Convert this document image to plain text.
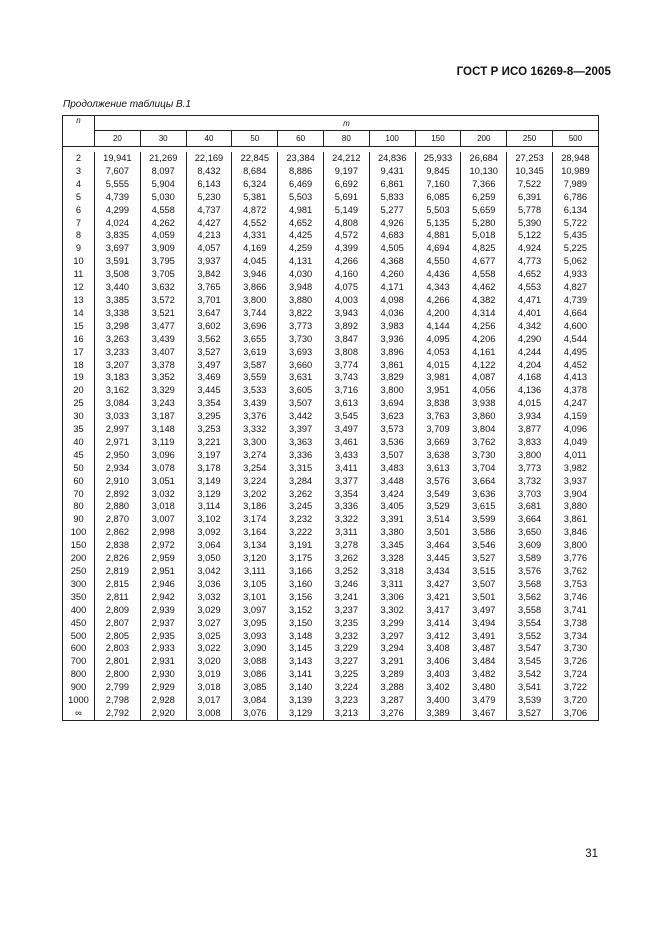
ГОСТ Р ИСО 16269-8—2005
Продолжение таблицы В.1
n	m										
	20	30	40	50	60	80	100	150	200	250	500

2	19,941	21,269	22,169	22,845	23,384	24,212	24,836	25,933	26,684	27,253	28,948
3	7,607	8,097	8,432	8,684	8,886	9,197	9,431	9,845	10,130	10,345	10,989
4	5,555	5,904	6,143	6,324	6,469	6,692	6,861	7,160	7,366	7,522	7,989
5	4,739	5,030	5,230	5,381	5,503	5,691	5,833	6,085	6,259	6,391	6,786
6	4,299	4,558	4,737	4,872	4,981	5,149	5,277	5,503	5,659	5,778	6,134
7	4,024	4,262	4,427	4,552	4,652	4,808	4,926	5,135	5,280	5,390	5,722
8	3,835	4,059	4,213	4,331	4,425	4,572	4,683	4,881	5,018	5,122	5,435
9	3,697	3,909	4,057	4,169	4,259	4,399	4,505	4,694	4,825	4,924	5,225
10	3,591	3,795	3,937	4,045	4,131	4,266	4,368	4,550	4,677	4,773	5,062
11	3,508	3,705	3,842	3,946	4,030	4,160	4,260	4,436	4,558	4,652	4,933
12	3,440	3,632	3,765	3,866	3,948	4,075	4,171	4,343	4,462	4,553	4,827
13	3,385	3,572	3,701	3,800	3,880	4,003	4,098	4,266	4,382	4,471	4,739
14	3,338	3,521	3,647	3,744	3,822	3,943	4,036	4,200	4,314	4,401	4,664
15	3,298	3,477	3,602	3,696	3,773	3,892	3,983	4,144	4,256	4,342	4,600
16	3,263	3,439	3,562	3,655	3,730	3,847	3,936	4,095	4,206	4,290	4,544
17	3,233	3,407	3,527	3,619	3,693	3,808	3,896	4,053	4,161	4,244	4,495
18	3,207	3,378	3,497	3,587	3,660	3,774	3,861	4,015	4,122	4,204	4,452
19	3,183	3,352	3,469	3,559	3,631	3,743	3,829	3,981	4,087	4,168	4,413
20	3,162	3,329	3,445	3,533	3,605	3,716	3,800	3,951	4,056	4,136	4,378
25	3,084	3,243	3,354	3,439	3,507	3,613	3,694	3,838	3,938	4,015	4,247
30	3,033	3,187	3,295	3,376	3,442	3,545	3,623	3,763	3,860	3,934	4,159
35	2,997	3,148	3,253	3,332	3,397	3,497	3,573	3,709	3,804	3,877	4,096
40	2,971	3,119	3,221	3,300	3,363	3,461	3,536	3,669	3,762	3,833	4,049
45	2,950	3,096	3,197	3,274	3,336	3,433	3,507	3,638	3,730	3,800	4,011
50	2,934	3,078	3,178	3,254	3,315	3,411	3,483	3,613	3,704	3,773	3,982
60	2,910	3,051	3,149	3,224	3,284	3,377	3,448	3,576	3,664	3,732	3,937
70	2,892	3,032	3,129	3,202	3,262	3,354	3,424	3,549	3,636	3,703	3,904
80	2,880	3,018	3,114	3,186	3,245	3,336	3,405	3,529	3,615	3,681	3,880
90	2,870	3,007	3,102	3,174	3,232	3,322	3,391	3,514	3,599	3,664	3,861
100	2,862	2,998	3,092	3,164	3,222	3,311	3,380	3,501	3,586	3,650	3,846
150	2,838	2,972	3,064	3,134	3,191	3,278	3,345	3,464	3,546	3,609	3,800
200	2,826	2,959	3,050	3,120	3,175	3,262	3,328	3,445	3,527	3,589	3,776
250	2,819	2,951	3,042	3,111	3,166	3,252	3,318	3,434	3,515	3,576	3,762
300	2,815	2,946	3,036	3,105	3,160	3,246	3,311	3,427	3,507	3,568	3,753
350	2,811	2,942	3,032	3,101	3,156	3,241	3,306	3,421	3,501	3,562	3,746
400	2,809	2,939	3,029	3,097	3,152	3,237	3,302	3,417	3,497	3,558	3,741
450	2,807	2,937	3,027	3,095	3,150	3,235	3,299	3,414	3,494	3,554	3,738
500	2,805	2,935	3,025	3,093	3,148	3,232	3,297	3,412	3,491	3,552	3,734
600	2,803	2,933	3,022	3,090	3,145	3,229	3,294	3,408	3,487	3,547	3,730
700	2,801	2,931	3,020	3,088	3,143	3,227	3,291	3,406	3,484	3,545	3,726
800	2,800	2,930	3,019	3,086	3,141	3,225	3,289	3,403	3,482	3,542	3,724
900	2,799	2,929	3,018	3,085	3,140	3,224	3,288	3,402	3,480	3,541	3,722
1000	2,798	2,928	3,017	3,084	3,139	3,223	3,287	3,400	3,479	3,539	3,720
∞	2,792	2,920	3,008	3,076	3,129	3,213	3,276	3,389	3,467	3,527	3,706
31
